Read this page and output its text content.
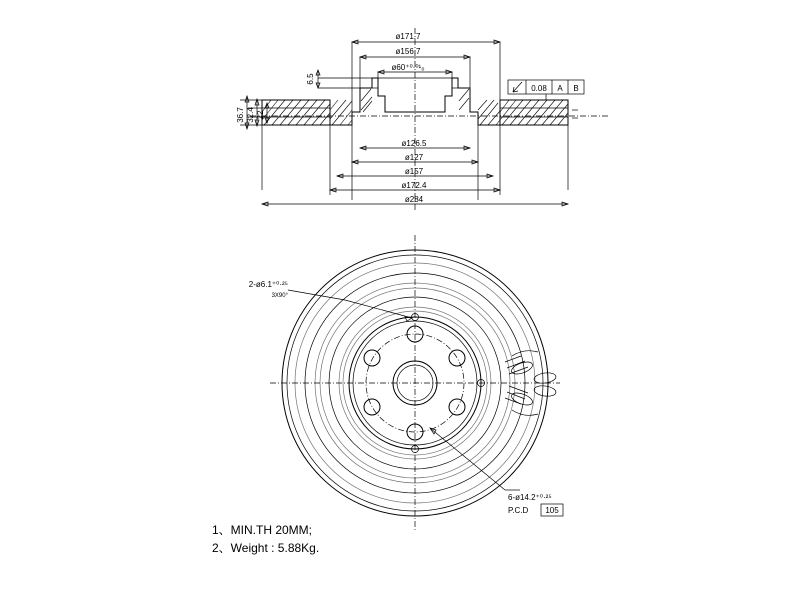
ø171.7
ø156.7
ø60⁺⁰·⁰¹₀
36.7 32.4 22
6.5
0.08 A B
ø126.5
ø127
ø157
ø172.4
ø284
2-ø6.1⁺⁰·²⁵
3X90°
6-ø14.2⁺⁰·²⁵
P.C.D 105
1、MIN.TH 20MM;
2、Weight : 5.88Kg.
